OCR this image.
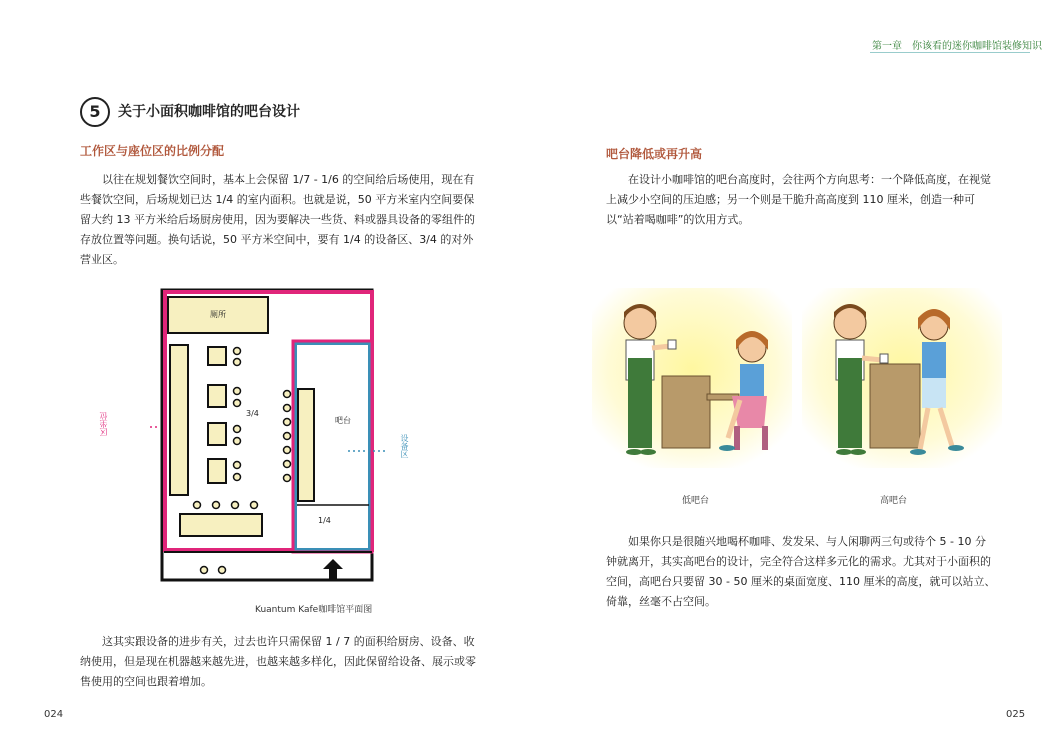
第一章　你该看的迷你咖啡馆装修知识
5	关于小面积咖啡馆的吧台设计
工作区与座位区的比例分配
以往在规划餐饮空间时，基本上会保留 1/7 - 1/6 的空间给后场使用，现在有些餐饮空间，后场规划已达 1/4 的室内面积。也就是说，50 平方米室内空间要保留大约 13 平方米给后场厨房使用，因为要解决一些货、料或器具设备的零组件的存放位置等问题。换句话说，50 平方米空间中，要有 1/4 的设备区、3/4 的对外营业区。
厕所
3/4
吧台
1/4
区坐位
设备区
Kuantum Kafe咖啡馆平面图
这其实跟设备的进步有关，过去也许只需保留 1 / 7 的面积给厨房、设备、收纳使用，但是现在机器越来越先进，也越来越多样化，因此保留给设备、展示或零售使用的空间也跟着增加。
024
吧台降低或再升高
在设计小咖啡馆的吧台高度时，会往两个方向思考：一个降低高度，在视觉上减少小空间的压迫感；另一个则是干脆升高高度到 110 厘米，创造一种可以“站着喝咖啡”的饮用方式。
低吧台	高吧台
如果你只是很随兴地喝杯咖啡、发发呆、与人闲聊两三句或待个 5 - 10 分钟就离开，其实高吧台的设计，完全符合这样多元化的需求。尤其对于小面积的空间，高吧台只要留 30 - 50 厘米的桌面宽度、110 厘米的高度，就可以站立、倚靠，丝毫不占空间。
025
